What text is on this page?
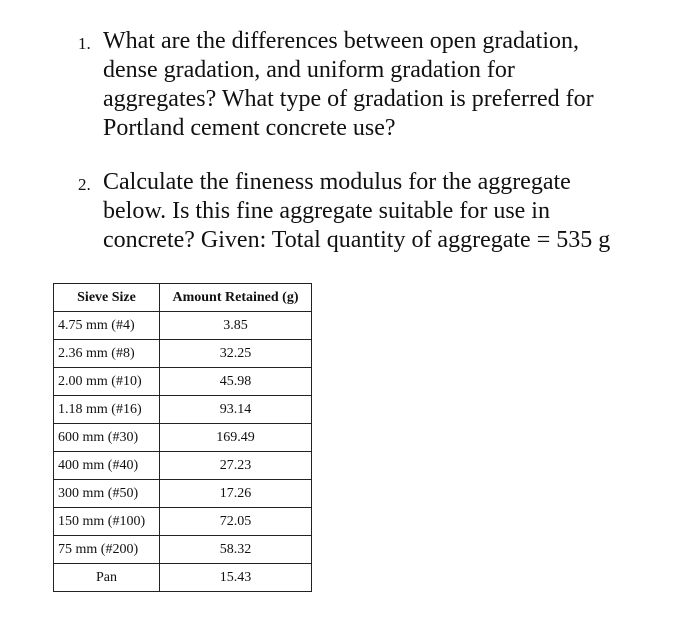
1. What are the differences between open gradation,
dense gradation, and uniform gradation for
aggregates? What type of gradation is preferred for
Portland cement concrete use?
2. Calculate the fineness modulus for the aggregate
below. Is this fine aggregate suitable for use in
concrete? Given: Total quantity of aggregate = 535 g
Sieve Size	Amount Retained (g)
4.75 mm (#4)	3.85
2.36 mm (#8)	32.25
2.00 mm (#10)	45.98
1.18 mm (#16)	93.14
600 mm (#30)	169.49
400 mm (#40)	27.23
300 mm (#50)	17.26
150 mm (#100)	72.05
75 mm (#200)	58.32
Pan	15.43
